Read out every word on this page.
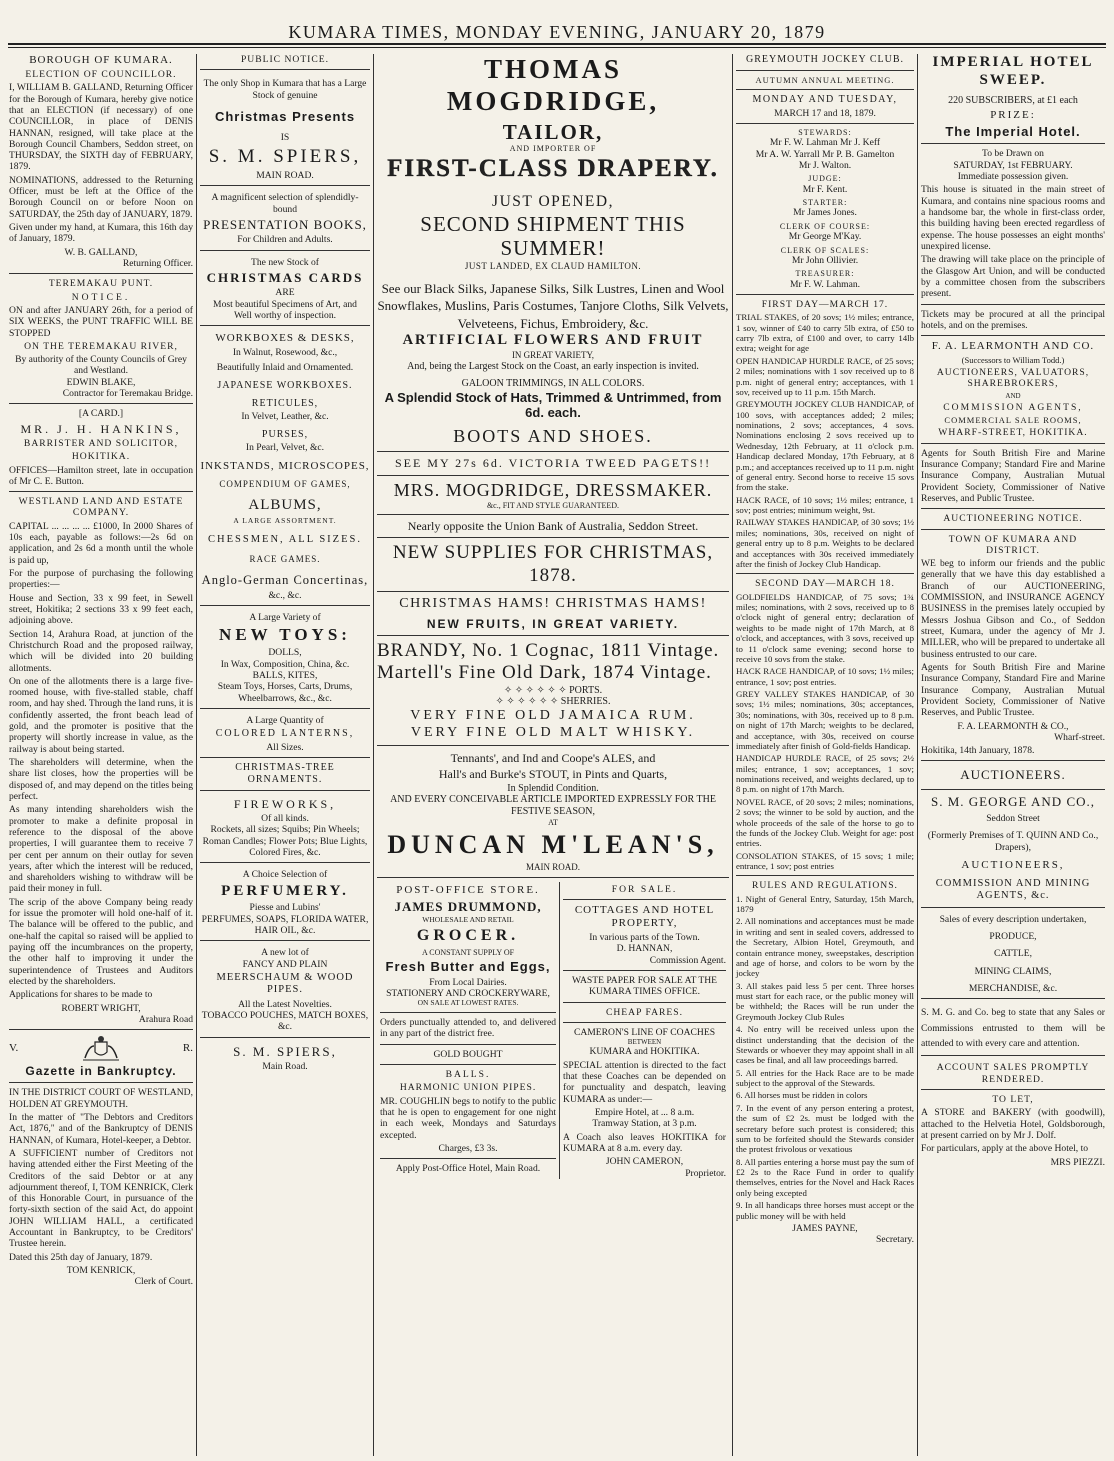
KUMARA TIMES, MONDAY EVENING, JANUARY 20, 1879
BOROUGH OF KUMARA.
ELECTION OF COUNCILLOR.
I, WILLIAM B. GALLAND, Returning Officer for the Borough of Kumara, hereby give notice that an ELECTION (if necessary) of one COUNCILLOR, in place of DENIS HANNAN, resigned, will take place at the Borough Council Chambers, Seddon street, on THURSDAY, the SIXTH day of FEBRUARY, 1879.
NOMINATIONS, addressed to the Returning Officer, must be left at the Office of the Borough Council on or before Noon on SATURDAY, the 25th day of JANUARY, 1879.
Given under my hand, at Kumara, this 16th day of January, 1879.
W. B. GALLAND,
Returning Officer.
TEREMAKAU PUNT.
NOTICE.
ON and after JANUARY 26th, for a period of SIX WEEKS, the PUNT TRAFFIC WILL BE STOPPED
ON THE TEREMAKAU RIVER,
By authority of the County Councils of Grey and Westland.
EDWIN BLAKE,
Contractor for Teremakau Bridge.
[A CARD.]
MR. J. H. HANKINS,
BARRISTER AND SOLICITOR,
HOKITIKA.
OFFICES—Hamilton street, late in occupation of Mr C. E. Button.
WESTLAND LAND AND ESTATE COMPANY.
CAPITAL ... ... ... ... £1000, In 2000 Shares of 10s each, payable as follows:—2s 6d on application, and 2s 6d a month until the whole is paid up,
For the purpose of purchasing the following properties:—
House and Section, 33 x 99 feet, in Sewell street, Hokitika; 2 sections 33 x 99 feet each, adjoining above.
Section 14, Arahura Road, at junction of the Christchurch Road and the proposed railway, which will be divided into 20 building allotments.
On one of the allotments there is a large five-roomed house, with five-stalled stable, chaff room, and hay shed. Through the land runs, it is confidently asserted, the front beach lead of gold, and the promoter is positive that the property will shortly increase in value, as the railway is about being started.
The shareholders will determine, when the share list closes, how the properties will be disposed of, and may depend on the titles being perfect.
As many intending shareholders wish the promoter to make a definite proposal in reference to the disposal of the above properties, I will guarantee them to receive 7 per cent per annum on their outlay for seven years, after which the interest will be reduced, and shareholders wishing to withdraw will be paid their money in full.
The scrip of the above Company being ready for issue the promoter will hold one-half of it. The balance will be offered to the public, and one-half the capital so raised will be applied to paying off the incumbrances on the property, the other half to improving it under the superintendence of Trustees and Auditors elected by the shareholders.
Applications for shares to be made to
ROBERT WRIGHT,
Arahura Road
V.	R.
Gazette in Bankruptcy.
IN THE DISTRICT COURT OF WESTLAND, HOLDEN AT GREYMOUTH.
In the matter of "The Debtors and Creditors Act, 1876," and of the Bankruptcy of DENIS HANNAN, of Kumara, Hotel-keeper, a Debtor.
A SUFFICIENT number of Creditors not having attended either the First Meeting of the Creditors of the said Debtor or at any adjournment thereof, I, TOM KENRICK, Clerk of this Honorable Court, in pursuance of the forty-sixth section of the said Act, do appoint JOHN WILLIAM HALL, a certificated Accountant in Bankruptcy, to be Creditors' Trustee herein.
Dated this 25th day of January, 1879.
TOM KENRICK,
Clerk of Court.
PUBLIC NOTICE.
The only Shop in Kumara that has a Large Stock of genuine
Christmas Presents
IS
S. M. SPIERS,
MAIN ROAD.
A magnificent selection of splendidly-bound
PRESENTATION BOOKS,
For Children and Adults.
The new Stock of
CHRISTMAS CARDS
ARE
Most beautiful Specimens of Art, and
Well worthy of inspection.
WORKBOXES & DESKS,
In Walnut, Rosewood, &c.,
Beautifully Inlaid and Ornamented.
JAPANESE WORKBOXES.
RETICULES,
In Velvet, Leather, &c.
PURSES,
In Pearl, Velvet, &c.
INKSTANDS, MICROSCOPES,
COMPENDIUM OF GAMES,
ALBUMS,
A LARGE ASSORTMENT.
CHESSMEN, ALL SIZES.
RACE GAMES.
Anglo-German Concertinas,
&c., &c.
A Large Variety of
NEW TOYS:
DOLLS,
In Wax, Composition, China, &c.
BALLS, KITES,
Steam Toys, Horses, Carts, Drums, Wheelbarrows, &c., &c.
A Large Quantity of
COLORED LANTERNS,
All Sizes.
CHRISTMAS-TREE ORNAMENTS.
FIREWORKS,
Of all kinds.
Rockets, all sizes; Squibs; Pin Wheels; Roman Candles; Flower Pots; Blue Lights, Colored Fires, &c.
A Choice Selection of
PERFUMERY.
Piesse and Lubins'
PERFUMES, SOAPS, FLORIDA WATER, HAIR OIL, &c.
A new lot of
FANCY AND PLAIN
MEERSCHAUM & WOOD PIPES.
All the Latest Novelties.
TOBACCO POUCHES, MATCH BOXES, &c.
S. M. SPIERS,
Main Road.
THOMAS MOGDRIDGE,
TAILOR,
AND IMPORTER OF
FIRST-CLASS DRAPERY.
JUST OPENED,
SECOND SHIPMENT THIS SUMMER!
JUST LANDED, EX CLAUD HAMILTON.
See our Black Silks, Japanese Silks, Silk Lustres, Linen and Wool Snowflakes, Muslins, Paris Costumes, Tanjore Cloths, Silk Velvets, Velveteens, Fichus, Embroidery, &c.
ARTIFICIAL FLOWERS AND FRUIT
IN GREAT VARIETY,
And, being the Largest Stock on the Coast, an early inspection is invited.
GALOON TRIMMINGS, IN ALL COLORS.
A Splendid Stock of Hats, Trimmed & Untrimmed, from 6d. each.
BOOTS AND SHOES.
SEE MY 27s 6d. VICTORIA TWEED PAGETS!!
MRS. MOGDRIDGE, DRESSMAKER.
&c., FIT AND STYLE GUARANTEED.
Nearly opposite the Union Bank of Australia, Seddon Street.
NEW SUPPLIES FOR CHRISTMAS, 1878.
CHRISTMAS HAMS! CHRISTMAS HAMS!
NEW FRUITS, IN GREAT VARIETY.
BRANDY, No. 1 Cognac, 1811 Vintage.
Martell's Fine Old Dark, 1874 Vintage.
✧ ✧ ✧ ✧ ✧ ✧ PORTS.
✧ ✧ ✧ ✧ ✧ ✧ SHERRIES.
VERY FINE OLD JAMAICA RUM.
VERY FINE OLD MALT WHISKY.
Tennants', and Ind and Coope's ALES, and
Hall's and Burke's STOUT, in Pints and Quarts,
In Splendid Condition.
AND EVERY CONCEIVABLE ARTICLE IMPORTED EXPRESSLY FOR THE FESTIVE SEASON,
AT
DUNCAN M'LEAN'S,
MAIN ROAD.
POST-OFFICE STORE.
JAMES DRUMMOND,
WHOLESALE AND RETAIL
GROCER.
A CONSTANT SUPPLY OF
Fresh Butter and Eggs,
From Local Dairies.
STATIONERY AND CROCKERYWARE,
ON SALE AT LOWEST RATES.
Orders punctually attended to, and delivered in any part of the district free.
GOLD BOUGHT
BALLS.
HARMONIC UNION PIPES.
MR. COUGHLIN begs to notify to the public that he is open to engagement for one night in each week, Mondays and Saturdays excepted.
Charges, £3 3s.
Apply Post-Office Hotel, Main Road.
FOR SALE.
COTTAGES AND HOTEL PROPERTY,
In various parts of the Town.
D. HANNAN,
Commission Agent.
WASTE PAPER FOR SALE AT THE KUMARA TIMES OFFICE.
CHEAP FARES.
CAMERON'S LINE OF COACHES
BETWEEN
KUMARA and HOKITIKA.
SPECIAL attention is directed to the fact that these Coaches can be depended on for punctuality and despatch, leaving KUMARA as under:—
Empire Hotel, at ... 8 a.m.
Tramway Station, at 3 p.m.
A Coach also leaves HOKITIKA for KUMARA at 8 a.m. every day.
JOHN CAMERON,
Proprietor.
GREYMOUTH JOCKEY CLUB.
AUTUMN ANNUAL MEETING.
MONDAY AND TUESDAY,
MARCH 17 and 18, 1879.
STEWARDS:
Mr F. W. Lahman Mr J. Keff
Mr A. W. Yarrall Mr P. B. Gamelton
Mr J. Walton.
JUDGE:
Mr F. Kent.
STARTER:
Mr James Jones.
CLERK OF COURSE:
Mr George M'Kay.
CLERK OF SCALES:
Mr John Ollivier.
TREASURER:
Mr F. W. Lahman.
FIRST DAY—MARCH 17.
TRIAL STAKES, of 20 sovs; 1½ miles; entrance, 1 sov, winner of £40 to carry 5lb extra, of £50 to carry 7lb extra, of £100 and over, to carry 14lb extra; weight for age
OPEN HANDICAP HURDLE RACE, of 25 sovs; 2 miles; nominations with 1 sov received up to 8 p.m. night of general entry; acceptances, with 1 sov, received up to 11 p.m. 15th March.
GREYMOUTH JOCKEY CLUB HANDICAP, of 100 sovs, with acceptances added; 2 miles; nominations, 2 sovs; acceptances, 4 sovs. Nominations enclosing 2 sovs received up to Wednesday, 12th February, at 11 o'clock p.m. Handicap declared Monday, 17th February, at 8 p.m.; and acceptances received up to 11 p.m. night of general entry. Second horse to receive 15 sovs from the stake.
HACK RACE, of 10 sovs; 1½ miles; entrance, 1 sov; post entries; minimum weight, 9st.
RAILWAY STAKES HANDICAP, of 30 sovs; 1½ miles; nominations, 30s, received on night of general entry up to 8 p.m. Weights to be declared and acceptances with 30s received immediately after the finish of Jockey Club Handicap.
SECOND DAY—MARCH 18.
GOLDFIELDS HANDICAP, of 75 sovs; 1¾ miles; nominations, with 2 sovs, received up to 8 o'clock night of general entry; declaration of weights to be made night of 17th March, at 8 o'clock, and acceptances, with 3 sovs, received up to 11 o'clock same evening; second horse to receive 10 sovs from the stake.
HACK RACE HANDICAP, of 10 sovs; 1½ miles; entrance, 1 sov; post entries.
GREY VALLEY STAKES HANDICAP, of 30 sovs; 1½ miles; nominations, 30s; acceptances, 30s; nominations, with 30s, received up to 8 p.m. on night of 17th March; weights to be declared, and acceptance, with 30s, received on course immediately after finish of Gold-fields Handicap.
HANDICAP HURDLE RACE, of 25 sovs; 2½ miles; entrance, 1 sov; acceptances, 1 sov; nominations received, and weights declared, up to 8 p.m. on night of 17th March.
NOVEL RACE, of 20 sovs; 2 miles; nominations, 2 sovs; the winner to be sold by auction, and the whole proceeds of the sale of the horse to go to the funds of the Jockey Club. Weight for age: post entries.
CONSOLATION STAKES, of 15 sovs; 1 mile; entrance, 1 sov; post entries
RULES AND REGULATIONS.
1. Night of General Entry, Saturday, 15th March, 1879
2. All nominations and acceptances must be made in writing and sent in sealed covers, addressed to the Secretary, Albion Hotel, Greymouth, and contain entrance money, sweepstakes, description and age of horse, and colors to be worn by the jockey
3. All stakes paid less 5 per cent. Three horses must start for each race, or the public money will be withheld; the Races will be run under the Greymouth Jockey Club Rules
4. No entry will be received unless upon the distinct understanding that the decision of the Stewards or whoever they may appoint shall in all cases be final, and all law proceedings barred.
5. All entries for the Hack Race are to be made subject to the approval of the Stewards.
6. All horses must be ridden in colors
7. In the event of any person entering a protest, the sum of £2 2s. must be lodged with the secretary before such protest is considered; this sum to be forfeited should the Stewards consider the protest frivolous or vexatious
8. All parties entering a horse must pay the sum of £2 2s to the Race Fund in order to qualify themselves, entries for the Novel and Hack Races only being excepted
9. In all handicaps three horses must accept or the public money will be with held
JAMES PAYNE,
Secretary.
IMPERIAL HOTEL SWEEP.
220 SUBSCRIBERS, at £1 each
PRIZE:
The Imperial Hotel.
To be Drawn on
SATURDAY, 1st FEBRUARY.
Immediate possession given.
This house is situated in the main street of Kumara, and contains nine spacious rooms and a handsome bar, the whole in first-class order, this building having been erected regardless of expense. The house possesses an eight months' unexpired license.
The drawing will take place on the principle of the Glasgow Art Union, and will be conducted by a committee chosen from the subscribers present.
Tickets may be procured at all the principal hotels, and on the premises.
F. A. LEARMONTH AND CO.
(Successors to William Todd.)
AUCTIONEERS, VALUATORS, SHAREBROKERS,
AND
COMMISSION AGENTS,
COMMERCIAL SALE ROOMS,
WHARF-STREET, HOKITIKA.
Agents for South British Fire and Marine Insurance Company; Standard Fire and Marine Insurance Company, Australian Mutual Provident Society, Commissioner of Native Reserves, and Public Trustee.
AUCTIONEERING NOTICE.
TOWN OF KUMARA AND DISTRICT.
WE beg to inform our friends and the public generally that we have this day established a Branch of our AUCTIONEERING, COMMISSION, and INSURANCE AGENCY BUSINESS in the premises lately occupied by Messrs Joshua Gibson and Co., of Seddon street, Kumara, under the agency of Mr J. MILLER, who will be prepared to undertake all business entrusted to our care.
Agents for South British Fire and Marine Insurance Company, Standard Fire and Marine Insurance Company, Australian Mutual Provident Society, Commissioner of Native Reserves, and Public Trustee.
F. A. LEARMONTH & CO.,
Wharf-street.
Hokitika, 14th January, 1878.
AUCTIONEERS.
S. M. GEORGE AND CO.,
Seddon Street
(Formerly Premises of T. QUINN AND Co., Drapers),
AUCTIONEERS,
COMMISSION AND MINING AGENTS, &c.
Sales of every description undertaken,
PRODUCE,
CATTLE,
MINING CLAIMS,
MERCHANDISE, &c.
S. M. G. and Co. beg to state that any Sales or Commissions entrusted to them will be attended to with every care and attention.
ACCOUNT SALES PROMPTLY RENDERED.
TO LET,
A STORE and BAKERY (with goodwill), attached to the Helvetia Hotel, Goldsborough, at present carried on by Mr J. Dolf.
For particulars, apply at the above Hotel, to
MRS PIEZZI.
